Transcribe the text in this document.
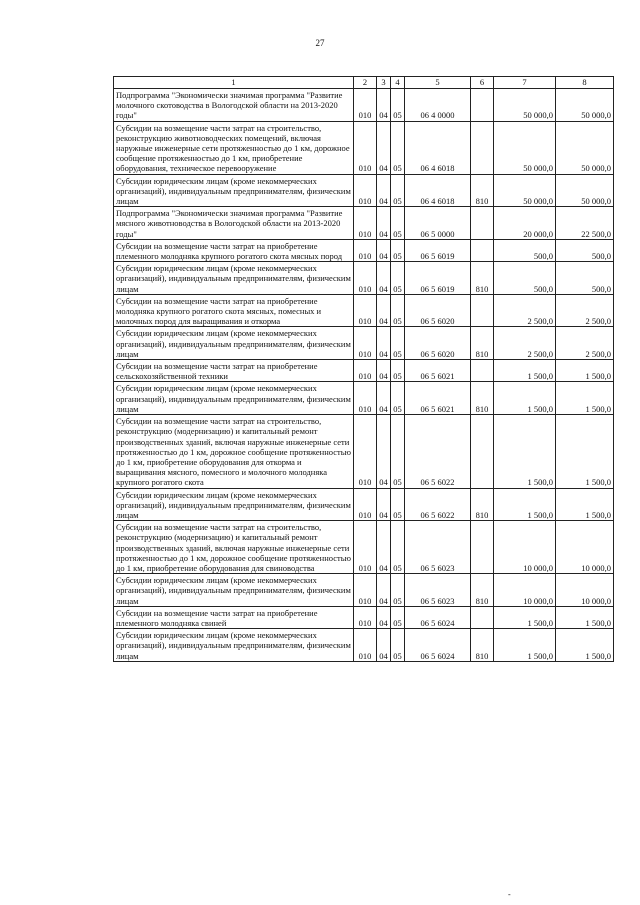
27
1	2	3	4	5	6	7	8
Подпрограмма "Экономически значимая программа "Развитие молочного скотоводства в Вологодской области на 2013-2020 годы"	010	04	05	06 4 0000		50 000,0	50 000,0
Субсидии на возмещение части затрат на строительство, реконструкцию животноводческих помещений, включая наружные инженерные сети протяженностью до 1 км, дорожное сообщение протяженностью до 1 км, приобретение оборудования, техническое перевооружение	010	04	05	06 4 6018		50 000,0	50 000,0
Субсидии юридическим лицам (кроме некоммерческих организаций), индивидуальным предпринимателям, физическим лицам	010	04	05	06 4 6018	810	50 000,0	50 000,0
Подпрограмма "Экономически значимая программа "Развитие мясного животноводства в Вологодской области на 2013-2020 годы"	010	04	05	06 5 0000		20 000,0	22 500,0
Субсидии на возмещение части затрат на приобретение племенного молодняка крупного рогатого скота мясных пород	010	04	05	06 5 6019		500,0	500,0
Субсидии юридическим лицам (кроме некоммерческих организаций), индивидуальным предпринимателям, физическим лицам	010	04	05	06 5 6019	810	500,0	500,0
Субсидии на возмещение части затрат на приобретение молодняка крупного рогатого скота мясных, помесных и молочных пород для выращивания и откорма	010	04	05	06 5 6020		2 500,0	2 500,0
Субсидии юридическим лицам (кроме некоммерческих организаций), индивидуальным предпринимателям, физическим лицам	010	04	05	06 5 6020	810	2 500,0	2 500,0
Субсидии на возмещение части затрат на приобретение сельскохозяйственной техники	010	04	05	06 5 6021		1 500,0	1 500,0
Субсидии юридическим лицам (кроме некоммерческих организаций), индивидуальным предпринимателям, физическим лицам	010	04	05	06 5 6021	810	1 500,0	1 500,0
Субсидии на возмещение части затрат на строительство, реконструкцию (модернизацию) и капитальный ремонт производственных зданий, включая наружные инженерные сети протяженностью до 1 км, дорожное сообщение протяженностью до 1 км, приобретение оборудования для откорма и выращивания мясного, помесного и молочного молодняка крупного рогатого скота	010	04	05	06 5 6022		1 500,0	1 500,0
Субсидии юридическим лицам (кроме некоммерческих организаций), индивидуальным предпринимателям, физическим лицам	010	04	05	06 5 6022	810	1 500,0	1 500,0
Субсидии на возмещение части затрат на строительство, реконструкцию (модернизацию) и капитальный ремонт производственных зданий, включая наружные инженерные сети протяженностью до 1 км, дорожное сообщение протяженностью до 1 км, приобретение оборудования для свиноводства	010	04	05	06 5 6023		10 000,0	10 000,0
Субсидии юридическим лицам (кроме некоммерческих организаций), индивидуальным предпринимателям, физическим лицам	010	04	05	06 5 6023	810	10 000,0	10 000,0
Субсидии на возмещение части затрат на приобретение племенного молодняка свиней	010	04	05	06 5 6024		1 500,0	1 500,0
Субсидии юридическим лицам (кроме некоммерческих организаций), индивидуальным предпринимателям, физическим лицам	010	04	05	06 5 6024	810	1 500,0	1 500,0
-
